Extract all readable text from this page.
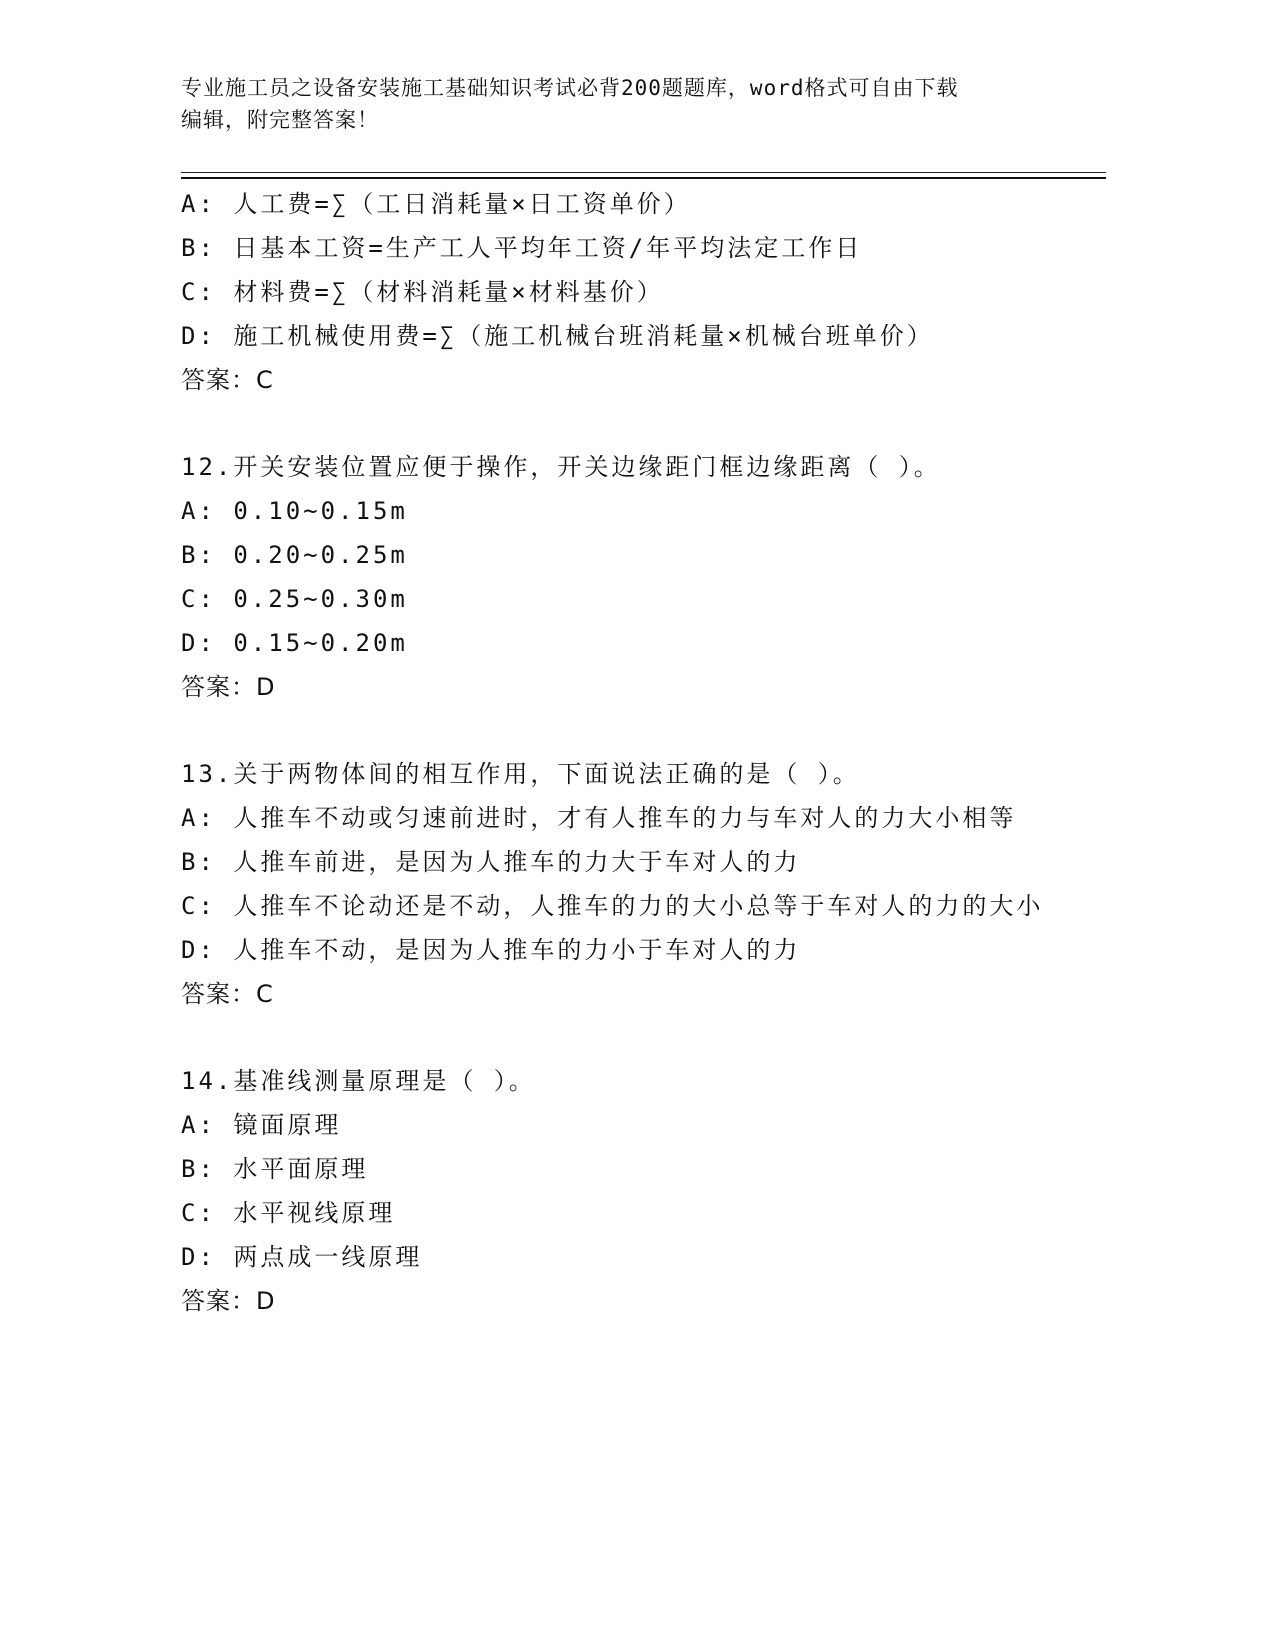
专业施工员之设备安装施工基础知识考试必背200题题库，word格式可自由下载
编辑，附完整答案！
A: 人工费=∑（工日消耗量×日工资单价）
B: 日基本工资=生产工人平均年工资/年平均法定工作日
C: 材料费=∑（材料消耗量×材料基价）
D: 施工机械使用费=∑（施工机械台班消耗量×机械台班单价）
答案：C
12.开关安装位置应便于操作，开关边缘距门框边缘距离（ ）。
A: 0.10~0.15m
B: 0.20~0.25m
C: 0.25~0.30m
D: 0.15~0.20m
答案：D
13.关于两物体间的相互作用，下面说法正确的是（ ）。
A: 人推车不动或匀速前进时，才有人推车的力与车对人的力大小相等
B: 人推车前进，是因为人推车的力大于车对人的力
C: 人推车不论动还是不动，人推车的力的大小总等于车对人的力的大小
D: 人推车不动，是因为人推车的力小于车对人的力
答案：C
14.基准线测量原理是（ ）。
A: 镜面原理
B: 水平面原理
C: 水平视线原理
D: 两点成一线原理
答案：D
